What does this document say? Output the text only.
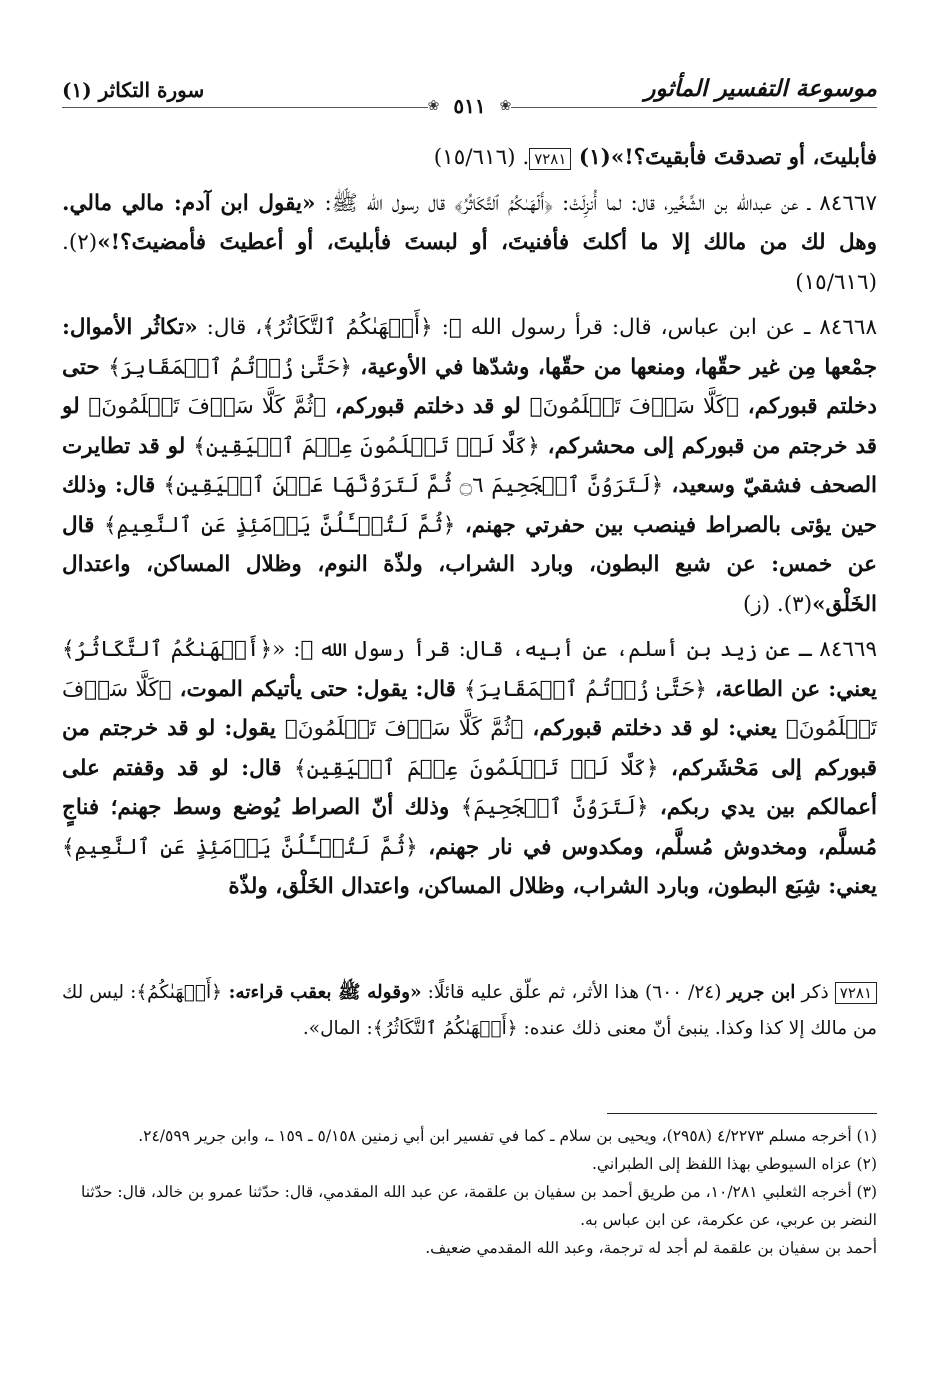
موسوعة التفسير المأثور
سورة التكاثر (١)
❀
٥١١
❀

فأبليتَ، أو تصدقتَ فأبقيتَ؟!»(١) ٧٢٨١. (١٥/٦١٦)

٨٤٦٦٧ ـ عن عبدالله بن الشِّخِّير، قال: لما أُنزِلَتْ: ﴿أَلۡهَىٰكُمُ ٱلتَّكَاثُرُ﴾ قال رسول الله ﷺ: «يقول ابن آدم: مالي مالي. وهل لك من مالك إلا ما أكلتَ فأفنيتَ، أو لبستَ فأبليتَ، أو أعطيتَ فأمضيتَ؟!»(٢). (١٥/٦١٦)

٨٤٦٦٨ ـ عن ابن عباس، قال: قرأ رسول الله ﷺ: ﴿أَلۡهَىٰكُمُ ٱلتَّكَاثُرُ﴾، قال: «تكاثُر الأموال: جمْعها مِن غير حقّها، ومنعها من حقّها، وشدّها في الأوعية، ﴿حَتَّىٰ زُرۡتُمُ ٱلۡمَقَابِرَ﴾ حتى دخلتم قبوركم، ﴿كَلَّا سَوۡفَ تَعۡلَمُونَ﴾ لو قد دخلتم قبوركم، ﴿ثُمَّ كَلَّا سَوۡفَ تَعۡلَمُونَ﴾ لو قد خرجتم من قبوركم إلى محشركم، ﴿كَلَّا لَوۡ تَعۡلَمُونَ عِلۡمَ ٱلۡيَقِينِ﴾ لو قد تطايرت الصحف فشقيّ وسعيد، ﴿لَتَرَوُنَّ ٱلۡجَحِيمَ ۝٦ ثُمَّ لَتَرَوُنَّهَا عَيۡنَ ٱلۡيَقِينِ﴾ قال: وذلك حين يؤتى بالصراط فينصب بين حفرتي جهنم، ﴿ثُمَّ لَتُسۡـَٔلُنَّ يَوۡمَئِذٍ عَنِ ٱلنَّعِيمِ﴾ قال عن خمس: عن شبع البطون، وبارد الشراب، ولذّة النوم، وظلال المساكن، واعتدال الخَلْق»(٣). (ز)

٨٤٦٦٩ ـ عن زيد بن أسلم، عن أبيه، قال: قرأ رسول الله ﷺ: «﴿أَلۡهَىٰكُمُ ٱلتَّكَاثُرُ﴾ يعني: عن الطاعة، ﴿حَتَّىٰ زُرۡتُمُ ٱلۡمَقَابِرَ﴾ قال: يقول: حتى يأتيكم الموت، ﴿كَلَّا سَوۡفَ تَعۡلَمُونَ﴾ يعني: لو قد دخلتم قبوركم، ﴿ثُمَّ كَلَّا سَوۡفَ تَعۡلَمُونَ﴾ يقول: لو قد خرجتم من قبوركم إلى مَحْشَركم، ﴿كَلَّا لَوۡ تَعۡلَمُونَ عِلۡمَ ٱلۡيَقِينِ﴾ قال: لو قد وقفتم على أعمالكم بين يدي ربكم، ﴿لَتَرَوُنَّ ٱلۡجَحِيمَ﴾ وذلك أنّ الصراط يُوضع وسط جهنم؛ فناجٍ مُسلَّم، ومخدوش مُسلَّم، ومكدوس في نار جهنم، ﴿ثُمَّ لَتُسۡـَٔلُنَّ يَوۡمَئِذٍ عَنِ ٱلنَّعِيمِ﴾ يعني: شِبَع البطون، وبارد الشراب، وظلال المساكن، واعتدال الخَلْق، ولذّة

٧٢٨١ ذكر ابن جرير (٢٤/ ٦٠٠) هذا الأثر، ثم علّق عليه قائلًا: «وقوله ﷺ بعقب قراءته: ﴿أَلۡهَىٰكُمُ﴾: ليس لك من مالك إلا كذا وكذا. ينبئ أنّ معنى ذلك عنده: ﴿أَلۡهَىٰكُمُ ٱلتَّكَاثُرُ﴾: المال».

(١) أخرجه مسلم ٤/٢٢٧٣ (٢٩٥٨)، ويحيى بن سلام ـ كما في تفسير ابن أبي زمنين ٥/١٥٨ ـ ١٥٩ ـ، وابن جرير ٢٤/٥٩٩.

(٢) عزاه السيوطي بهذا اللفظ إلى الطبراني.

(٣) أخرجه الثعلبي ١٠/٢٨١، من طريق أحمد بن سفيان بن علقمة، عن عبد الله المقدمي، قال: حدّثنا عمرو بن خالد، قال: حدّثنا النضر بن عربي، عن عكرمة، عن ابن عباس به.

أحمد بن سفيان بن علقمة لم أجد له ترجمة، وعبد الله المقدمي ضعيف.
